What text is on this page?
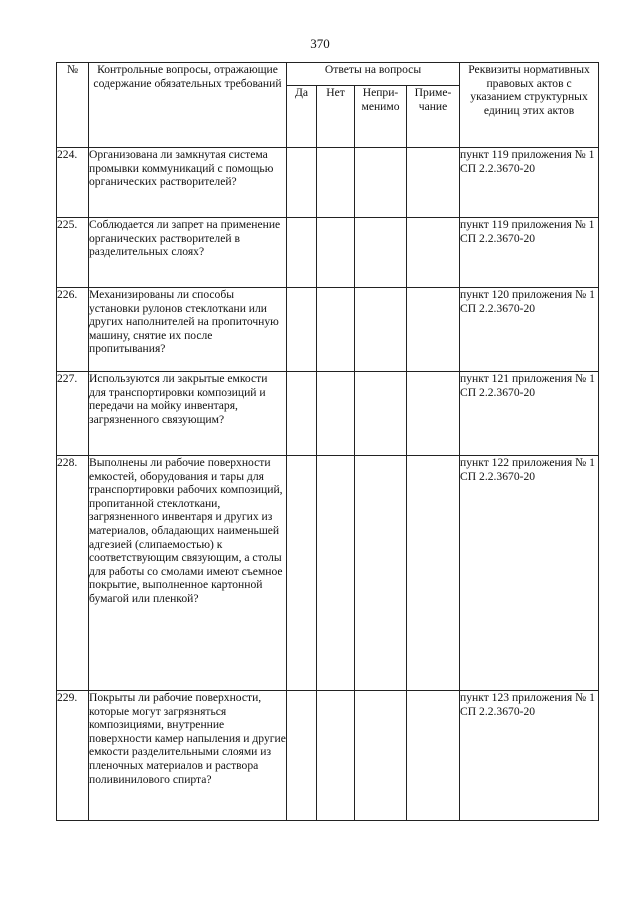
370
№	Контрольные вопросы, отражающие содержание обязательных требований	Ответы на вопросы				Реквизиты нормативных правовых актов с указанием структурных единиц этих актов
		Да	Нет	Непри-менимо	Приме-чание	
224.	Организована ли замкнутая система промывки коммуникаций с помощью органических растворителей?					пункт 119 приложения № 1 СП 2.2.3670-20
225.	Соблюдается ли запрет на применение органических растворителей в разделительных слоях?					пункт 119 приложения № 1 СП 2.2.3670-20
226.	Механизированы ли способы установки рулонов стеклоткани или других наполнителей на пропиточную машину, снятие их после пропитывания?					пункт 120 приложения № 1 СП 2.2.3670-20
227.	Используются ли закрытые емкости для транспортировки композиций и передачи на мойку инвентаря, загрязненного связующим?					пункт 121 приложения № 1 СП 2.2.3670-20
228.	Выполнены ли рабочие поверхности емкостей, оборудования и тары для транспортировки рабочих композиций, пропитанной стеклоткани, загрязненного инвентаря и других из материалов, обладающих наименьшей адгезией (слипаемостью) к соответствующим связующим, а столы для работы со смолами имеют съемное покрытие, выполненное картонной бумагой или пленкой?					пункт 122 приложения № 1 СП 2.2.3670-20
229.	Покрыты ли рабочие поверхности, которые могут загрязняться композициями, внутренние поверхности камер напыления и другие емкости разделительными слоями из пленочных материалов и раствора поливинилового спирта?					пункт 123 приложения № 1 СП 2.2.3670-20
